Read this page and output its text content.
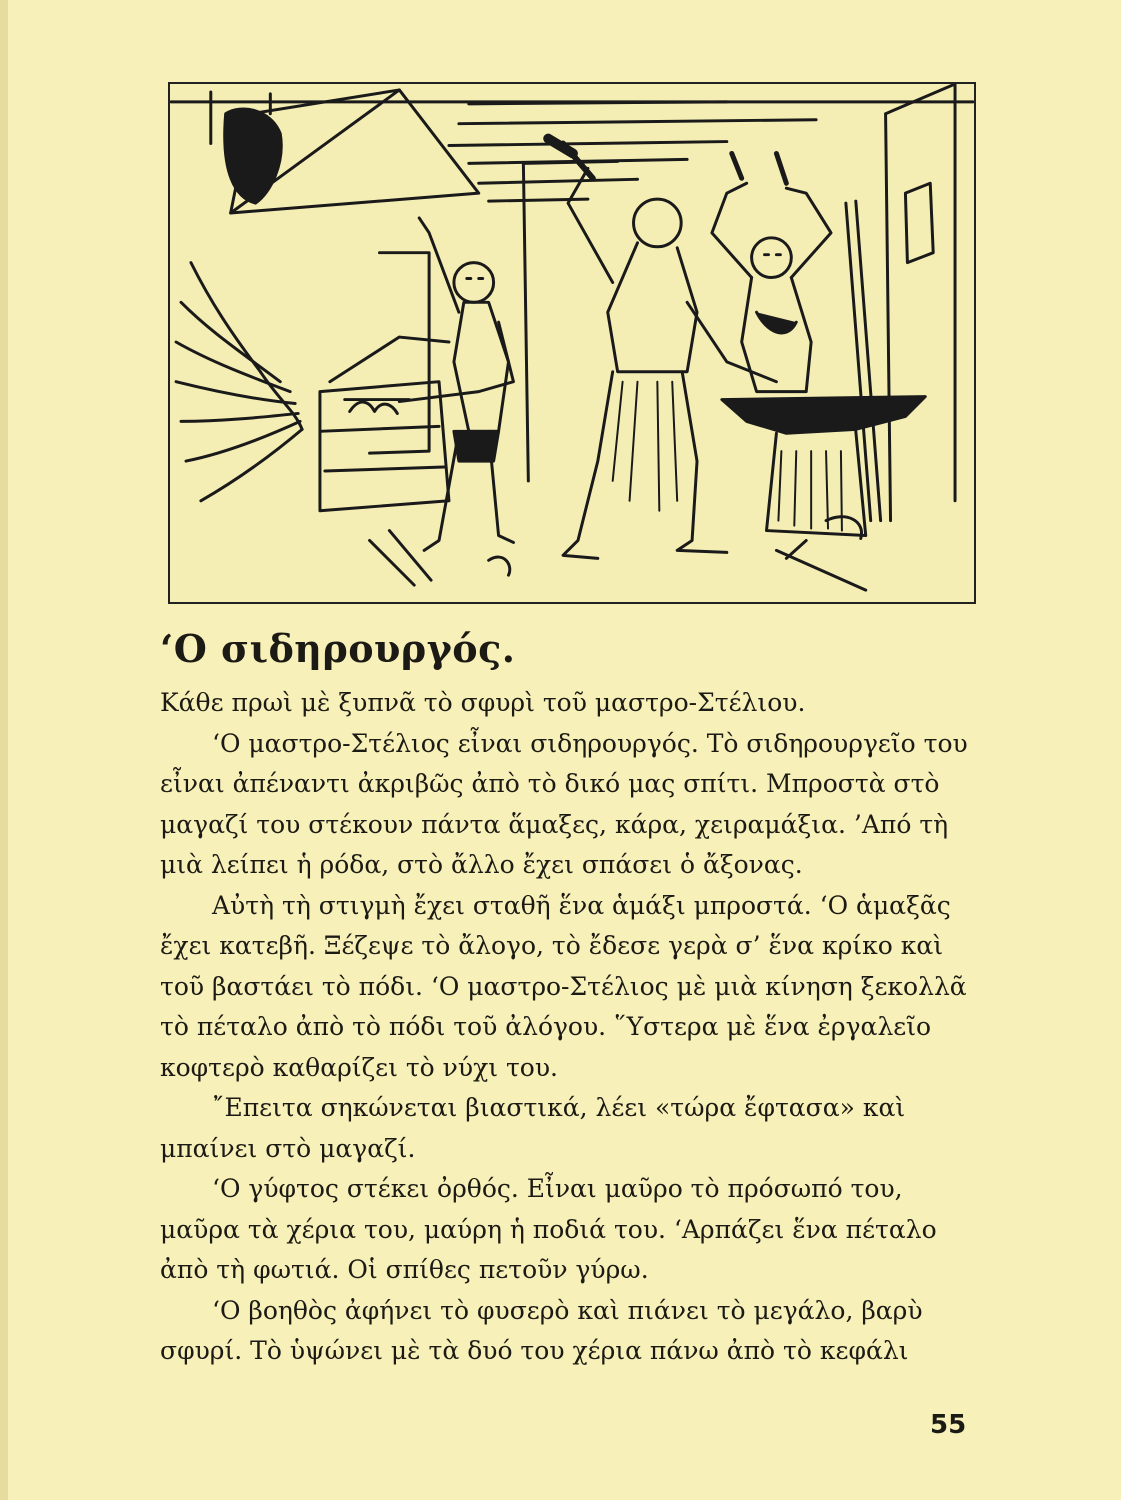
‘Ο σιδηρουργός.

Κάθε πρωὶ μὲ ξυπνᾶ τὸ σφυρὶ τοῦ μαστρο-Στέλιου.

‘Ο μαστρο-Στέλιος εἶναι σιδηρουργός. Τὸ σιδηρουργεῖο του εἶναι ἀπέναντι ἀκριβῶς ἀπὸ τὸ δικό μας σπίτι. Μπροστὰ στὸ μαγαζί του στέκουν πάντα ἅμαξες, κάρα, χειραμάξια. ’Από τὴ μιὰ λείπει ἡ ρόδα, στὸ ἄλλο ἔχει σπάσει ὁ ἄξονας.

Αὐτὴ τὴ στιγμὴ ἔχει σταθῆ ἕνα ἁμάξι μπροστά. ‘Ο ἁμαξᾶς ἔχει κατεβῆ. Ξέζεψε τὸ ἄλογο, τὸ ἔδεσε γερὰ σ’ ἕνα κρίκο καὶ τοῦ βαστάει τὸ πόδι. ‘Ο μαστρο-Στέλιος μὲ μιὰ κίνηση ξεκολλᾶ τὸ πέταλο ἀπὸ τὸ πόδι τοῦ ἀλόγου. ῞Υστερα μὲ ἕνα ἐργαλεῖο κοφτερὸ καθαρίζει τὸ νύχι του.

῎Επειτα σηκώνεται βιαστικά, λέει «τώρα ἔφτασα» καὶ μπαίνει στὸ μαγαζί.

‘Ο γύφτος στέκει ὀρθός. Εἶναι μαῦρο τὸ πρόσωπό του, μαῦρα τὰ χέρια του, μαύρη ἡ ποδιά του. ‘Αρπάζει ἕνα πέταλο ἀπὸ τὴ φωτιά. Οἱ σπίθες πετοῦν γύρω.

‘Ο βοηθὸς ἀφήνει τὸ φυσερὸ καὶ πιάνει τὸ μεγάλο, βαρὺ σφυρί. Τὸ ὑψώνει μὲ τὰ δυό του χέρια πάνω ἀπὸ τὸ κεφάλι

55
